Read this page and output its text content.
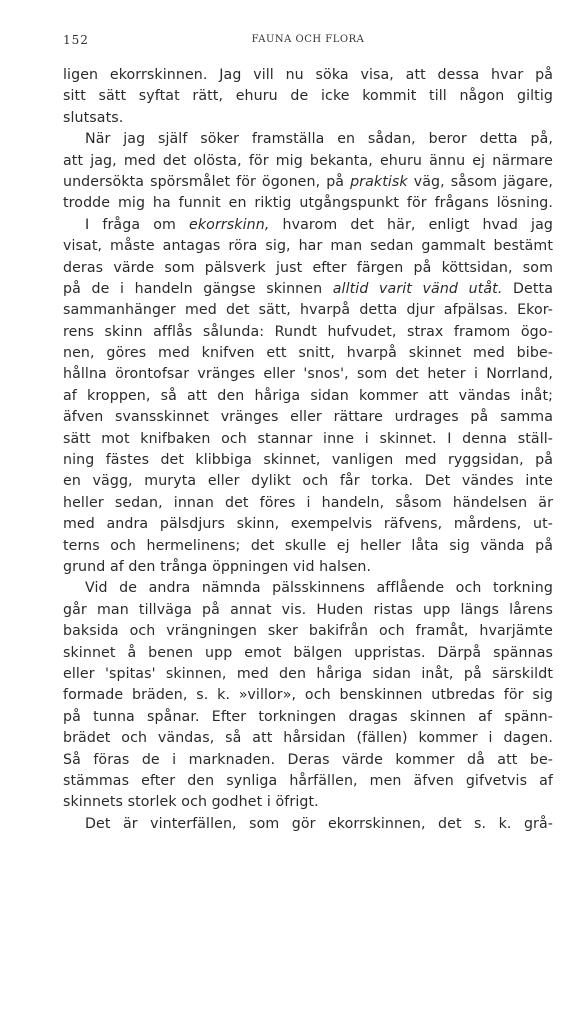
152	FAUNA OCH FLORA
ligen ekorrskinnen. Jag vill nu söka visa, att dessa hvar på
sitt sätt syftat rätt, ehuru de icke kommit till någon giltig
slutsats.
När jag själf söker framställa en sådan, beror detta på,
att jag, med det olösta, för mig bekanta, ehuru ännu ej närmare
undersökta spörsmålet för ögonen, på praktisk väg, såsom jägare,
trodde mig ha funnit en riktig utgångspunkt för frågans lösning.
I fråga om ekorrskinn, hvarom det här, enligt hvad jag
visat, måste antagas röra sig, har man sedan gammalt bestämt
deras värde som pälsverk just efter färgen på köttsidan, som
på de i handeln gängse skinnen alltid varit vänd utåt. Detta
sammanhänger med det sätt, hvarpå detta djur afpälsas. Ekor-
rens skinn afflås sålunda: Rundt hufvudet, strax framom ögo-
nen, göres med knifven ett snitt, hvarpå skinnet med bibe-
hållna örontofsar vränges eller 'snos', som det heter i Norrland,
af kroppen, så att den håriga sidan kommer att vändas inåt;
äfven svansskinnet vränges eller rättare urdrages på samma
sätt mot knifbaken och stannar inne i skinnet. I denna ställ-
ning fästes det klibbiga skinnet, vanligen med ryggsidan, på
en vägg, muryta eller dylikt och får torka. Det vändes inte
heller sedan, innan det föres i handeln, såsom händelsen är
med andra pälsdjurs skinn, exempelvis räfvens, mårdens, ut-
terns och hermelinens; det skulle ej heller låta sig vända på
grund af den trånga öppningen vid halsen.
Vid de andra nämnda pälsskinnens afflående och torkning
går man tillväga på annat vis. Huden ristas upp längs lårens
baksida och vrängningen sker bakifrån och framåt, hvarjämte
skinnet å benen upp emot bälgen uppristas. Därpå spännas
eller 'spitas' skinnen, med den håriga sidan inåt, på särskildt
formade bräden, s. k. »villor», och benskinnen utbredas för sig
på tunna spånar. Efter torkningen dragas skinnen af spänn-
brädet och vändas, så att hårsidan (fällen) kommer i dagen.
Så föras de i marknaden. Deras värde kommer då att be-
stämmas efter den synliga hårfällen, men äfven gifvetvis af
skinnets storlek och godhet i öfrigt.
Det är vinterfällen, som gör ekorrskinnen, det s. k. grå-
